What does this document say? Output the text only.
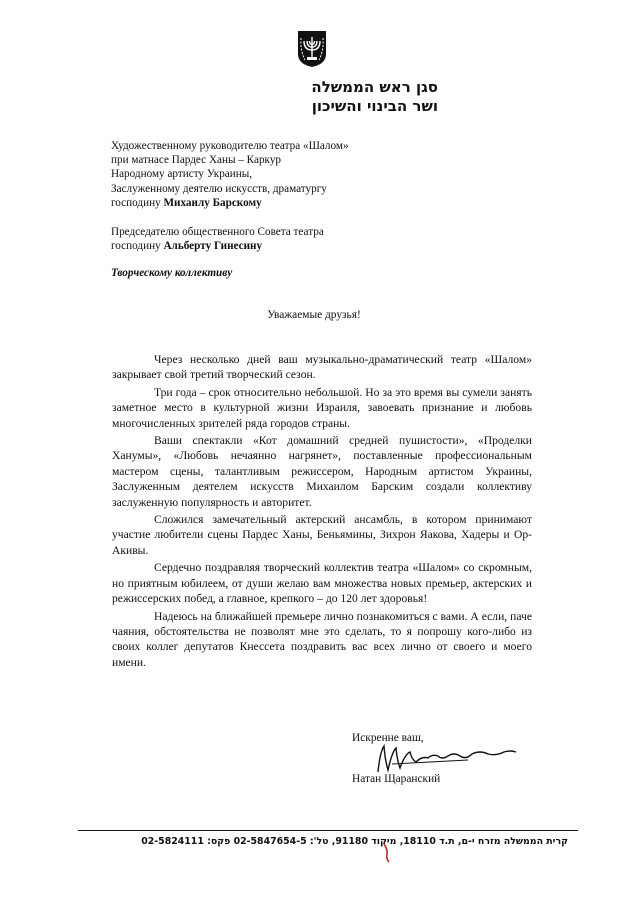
סגן ראש הממשלה
ושר הבינוי והשיכון
Художественному руководителю театра «Шалом»
при матнасе Пардес Ханы – Каркур
Народному артисту Украины,
Заслуженному деятелю искусств, драматургу
господину Михаилу Барскому
Председателю общественного Совета театра
господину Альберту Гинесину
Творческому коллективу
Уважаемые друзья!

Через несколько дней ваш музыкально-драматический театр «Шалом» закрывает свой третий творческий сезон.

Три года – срок относительно небольшой. Но за это время вы сумели занять заметное место в культурной жизни Израиля, завоевать признание и любовь многочисленных зрителей ряда городов страны.

Ваши спектакли «Кот домашний средней пушистости», «Проделки Ханумы», «Любовь нечаянно нагрянет», поставленные профессиональным мастером сцены, талантливым режиссером, Народным артистом Украины, Заслуженным деятелем искусств Михаилом Барским создали коллективу заслуженную популярность и авторитет.

Сложился замечательный актерский ансамбль, в котором принимают участие любители сцены Пардес Ханы, Беньямины, Зихрон Яакова, Хадеры и Ор-Акивы.

Сердечно поздравляя творческий коллектив театра «Шалом» со скромным, но приятным юбилеем, от души желаю вам множества новых премьер, актерских и режиссерских побед, а главное, крепкого – до 120 лет здоровья!

Надеюсь на ближайшей премьере лично познакомиться с вами. А если, паче чаяния, обстоятельства не позволят мне это сделать, то я попрошу кого-либо из своих коллег депутатов Кнессета поздравить вас всех лично от своего и моего имени.

Искренне ваш,
Натан Щаранский
קרית הממשלה מזרח י-ם, ת.ד 18110, מיקוד 91180, טל': 02-5847654-5 פקס: 02-5824111
